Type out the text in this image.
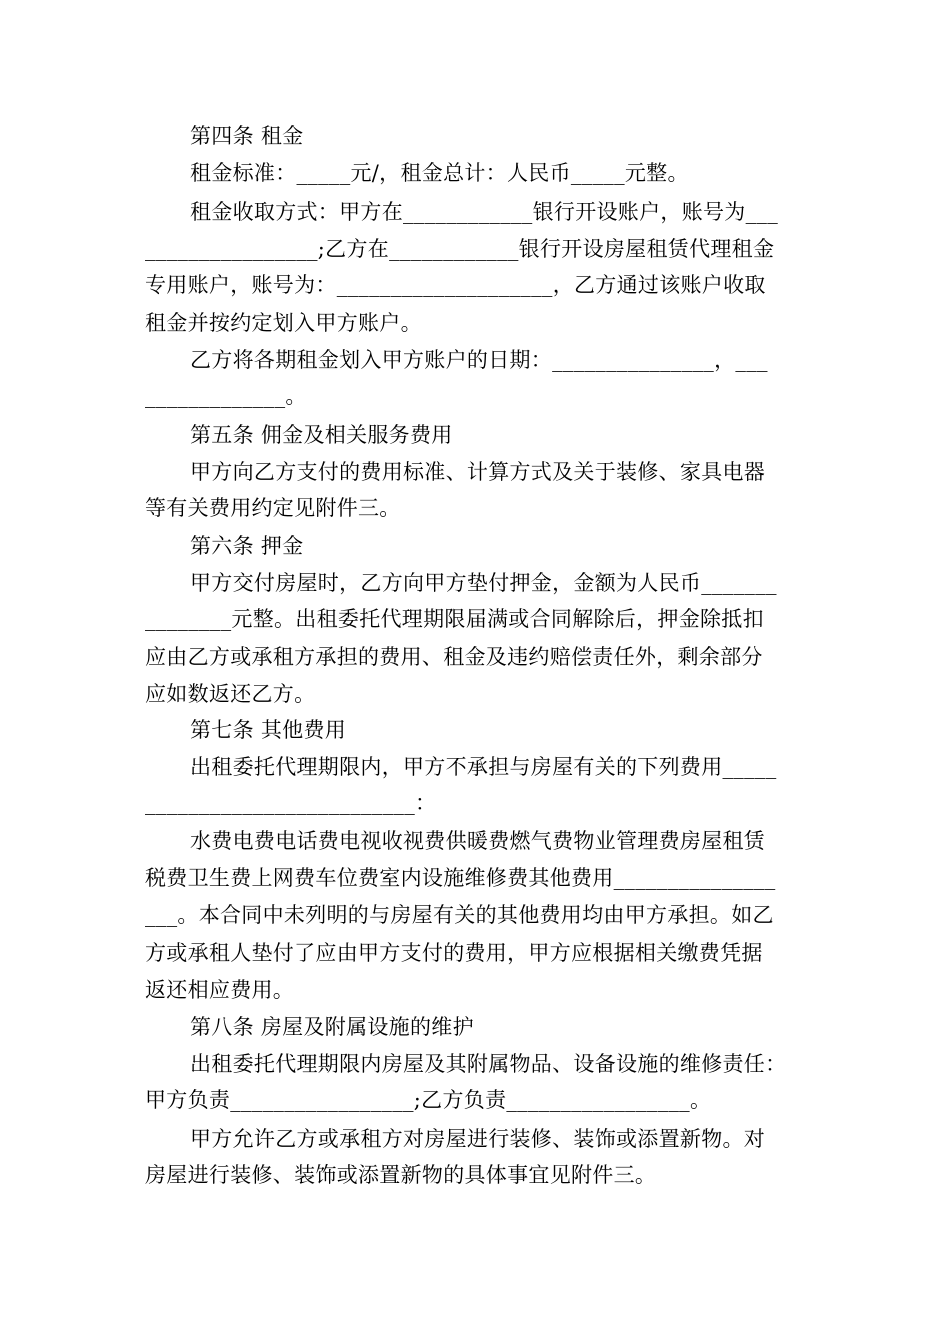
第四条 租金
租金标准：_____元/，租金总计：人民币_____元整。
租金收取方式：甲方在____________银行开设账户，账号为___
________________;乙方在____________银行开设房屋租赁代理租金
专用账户，账号为：____________________，乙方通过该账户收取
租金并按约定划入甲方账户。
乙方将各期租金划入甲方账户的日期：_______________，___
_____________。
第五条 佣金及相关服务费用
甲方向乙方支付的费用标准、计算方式及关于装修、家具电器
等有关费用约定见附件三。
第六条 押金
甲方交付房屋时，乙方向甲方垫付押金，金额为人民币_______
________元整。出租委托代理期限届满或合同解除后，押金除抵扣
应由乙方或承租方承担的费用、租金及违约赔偿责任外，剩余部分
应如数返还乙方。
第七条 其他费用
出租委托代理期限内，甲方不承担与房屋有关的下列费用_____
_________________________：
水费电费电话费电视收视费供暖费燃气费物业管理费房屋租赁
税费卫生费上网费车位费室内设施维修费其他费用_______________
___。本合同中未列明的与房屋有关的其他费用均由甲方承担。如乙
方或承租人垫付了应由甲方支付的费用，甲方应根据相关缴费凭据
返还相应费用。
第八条 房屋及附属设施的维护
出租委托代理期限内房屋及其附属物品、设备设施的维修责任：
甲方负责_________________;乙方负责_________________。
甲方允许乙方或承租方对房屋进行装修、装饰或添置新物。对
房屋进行装修、装饰或添置新物的具体事宜见附件三。
